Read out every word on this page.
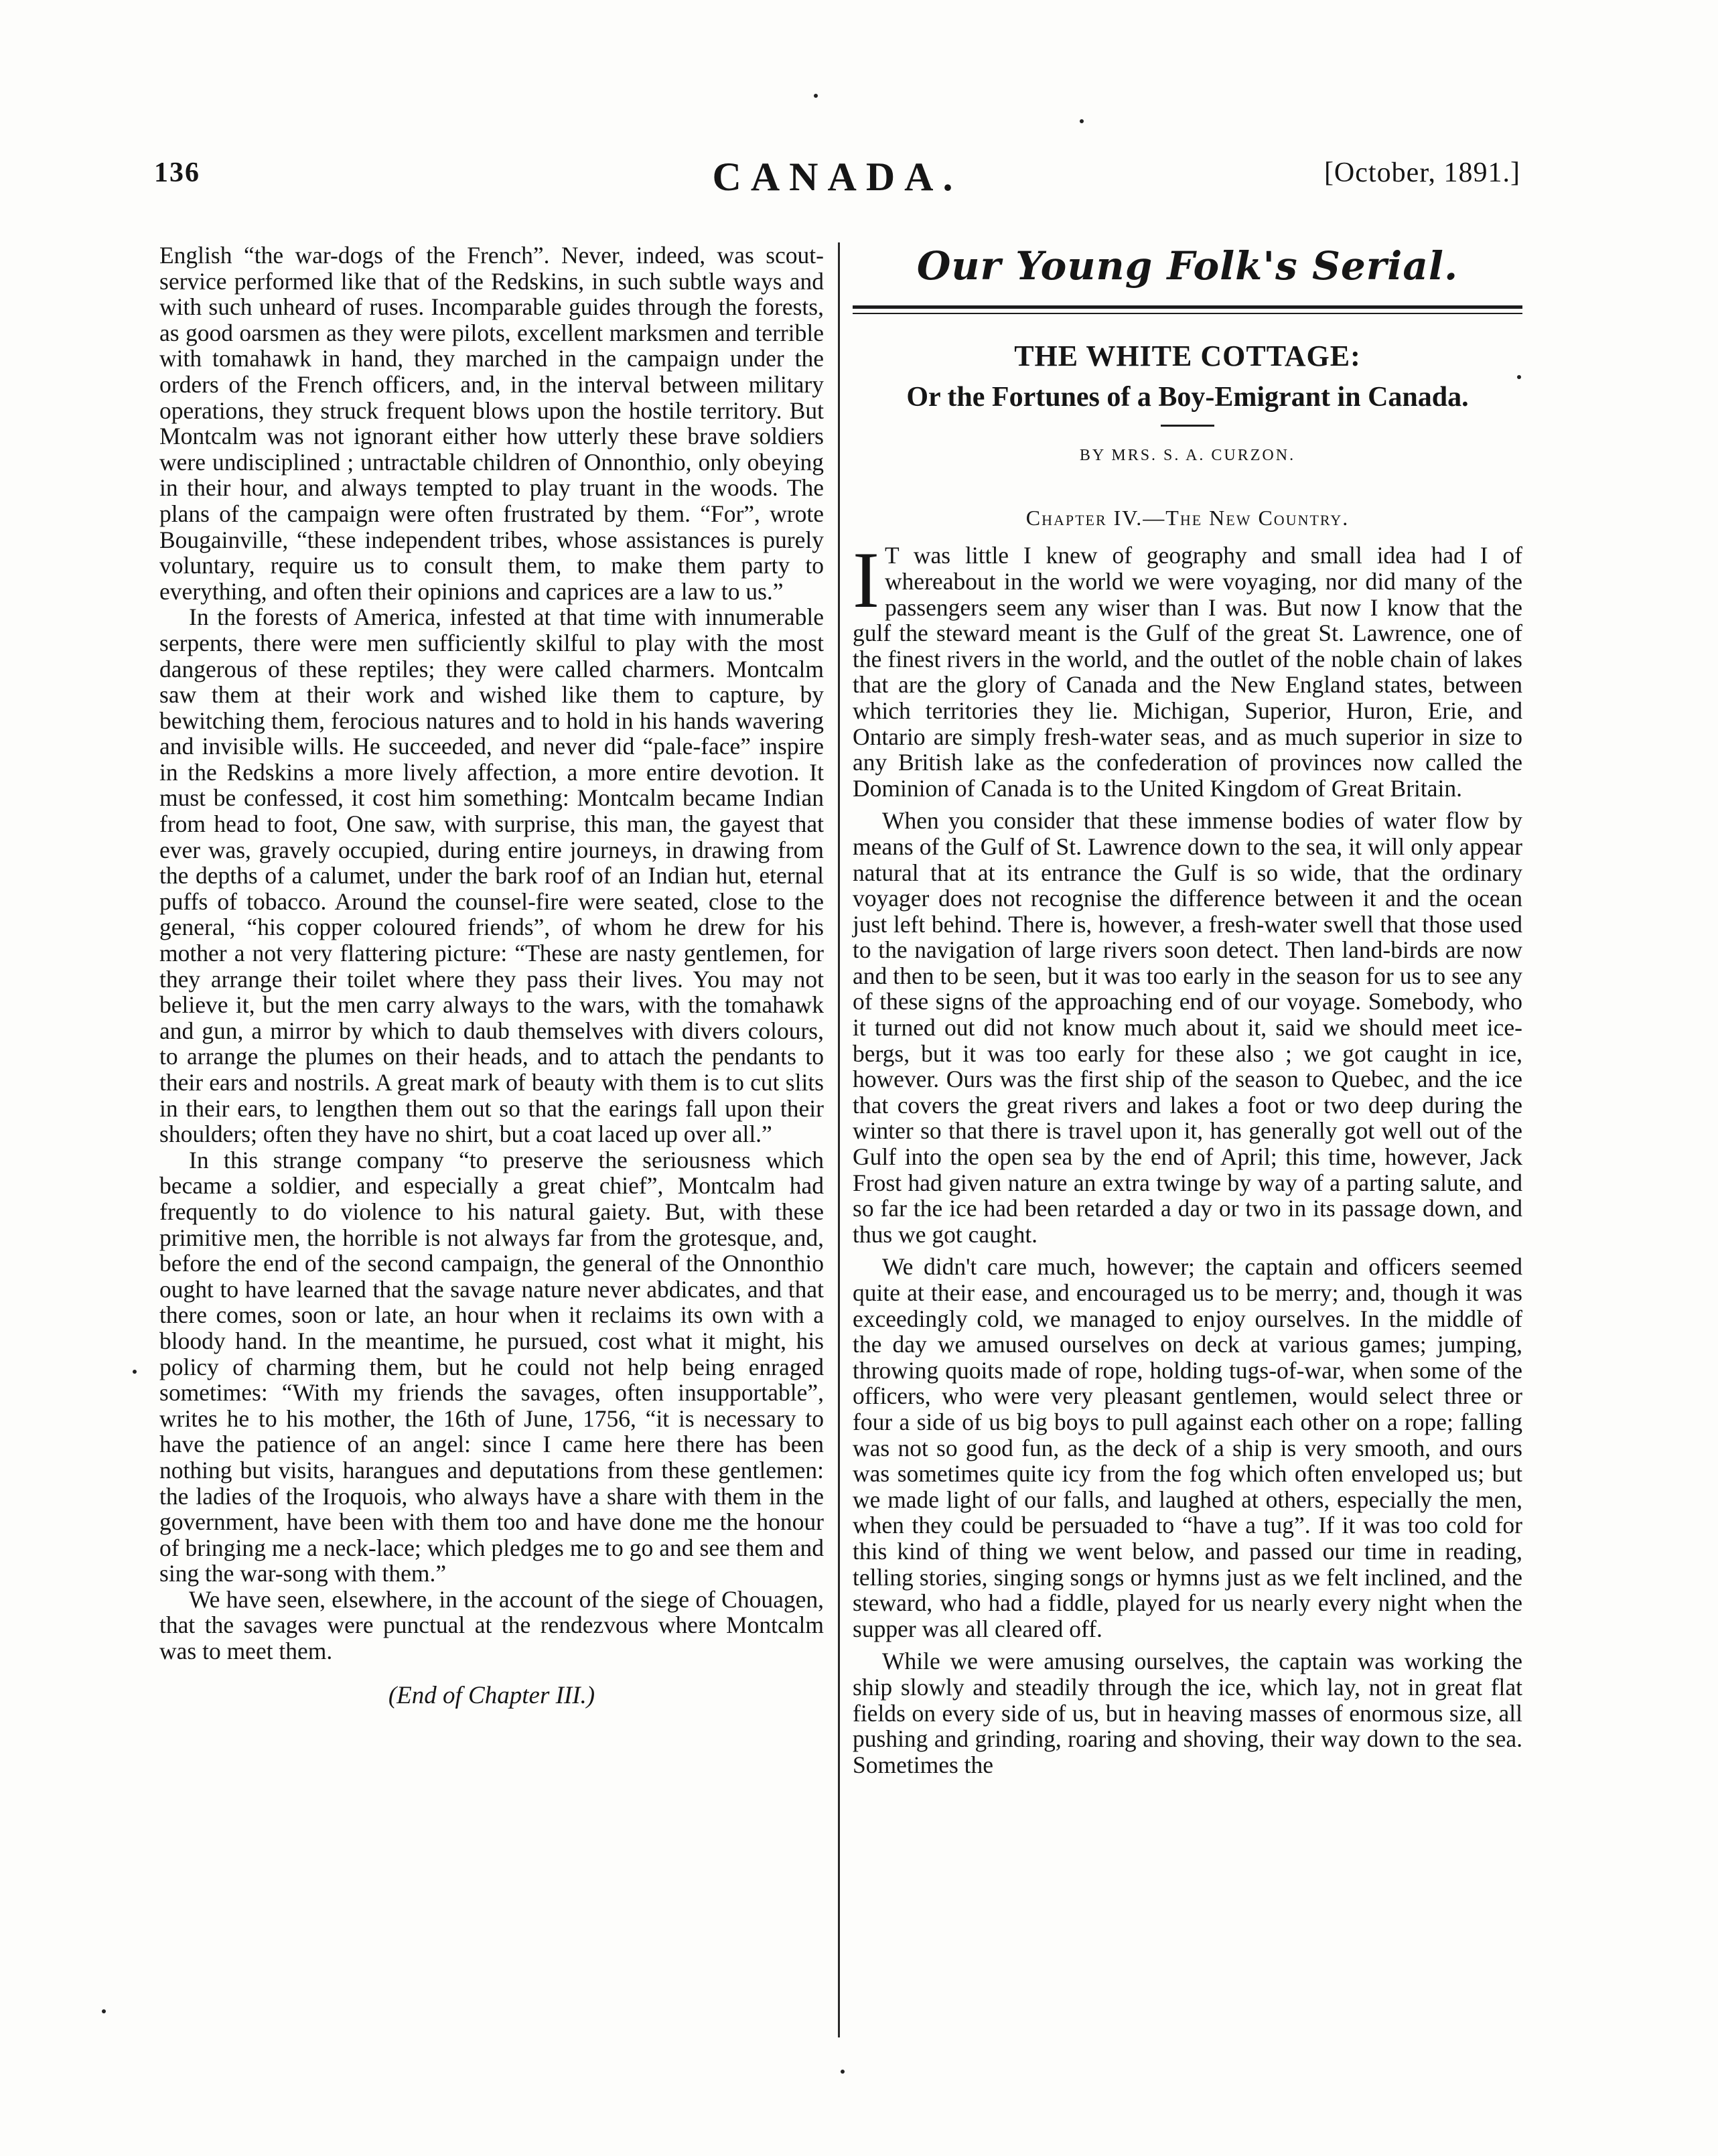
136	CANADA.	[October, 1891.]

English “the war-dogs of the French”. Never, indeed, was scout-service performed like that of the Redskins, in such subtle ways and with such unheard of ruses. Incomparable guides through the forests, as good oarsmen as they were pilots, excellent marksmen and terrible with tomahawk in hand, they marched in the campaign under the orders of the French officers, and, in the interval between military operations, they struck frequent blows upon the hostile territory. But Montcalm was not ignorant either how utterly these brave soldiers were undisciplined ; untractable children of Onnonthio, only obeying in their hour, and always tempted to play truant in the woods. The plans of the campaign were often frustrated by them. “For”, wrote Bougainville, “these independent tribes, whose assistances is purely voluntary, require us to consult them, to make them party to everything, and often their opinions and caprices are a law to us.”

In the forests of America, infested at that time with innumerable serpents, there were men sufficiently skilful to play with the most dangerous of these reptiles; they were called charmers. Montcalm saw them at their work and wished like them to capture, by bewitching them, ferocious natures and to hold in his hands wavering and invisible wills. He succeeded, and never did “pale-face” inspire in the Redskins a more lively affection, a more entire devotion. It must be confessed, it cost him something: Montcalm became Indian from head to foot, One saw, with surprise, this man, the gayest that ever was, gravely occupied, during entire journeys, in drawing from the depths of a calumet, under the bark roof of an Indian hut, eternal puffs of tobacco. Around the counsel-fire were seated, close to the general, “his copper coloured friends”, of whom he drew for his mother a not very flattering picture: “These are nasty gentlemen, for they arrange their toilet where they pass their lives. You may not believe it, but the men carry always to the wars, with the tomahawk and gun, a mirror by which to daub themselves with divers colours, to arrange the plumes on their heads, and to attach the pendants to their ears and nostrils. A great mark of beauty with them is to cut slits in their ears, to lengthen them out so that the earings fall upon their shoulders; often they have no shirt, but a coat laced up over all.”

In this strange company “to preserve the seriousness which became a soldier, and especially a great chief”, Montcalm had frequently to do violence to his natural gaiety. But, with these primitive men, the horrible is not always far from the grotesque, and, before the end of the second campaign, the general of the Onnonthio ought to have learned that the savage nature never abdicates, and that there comes, soon or late, an hour when it reclaims its own with a bloody hand. In the meantime, he pursued, cost what it might, his policy of charming them, but he could not help being enraged sometimes: “With my friends the savages, often insupportable”, writes he to his mother, the 16th of June, 1756, “it is necessary to have the patience of an angel: since I came here there has been nothing but visits, harangues and deputations from these gentlemen: the ladies of the Iroquois, who always have a share with them in the government, have been with them too and have done me the honour of bringing me a neck-lace; which pledges me to go and see them and sing the war-song with them.”

We have seen, elsewhere, in the account of the siege of Chouagen, that the savages were punctual at the rendezvous where Montcalm was to meet them.

(End of Chapter III.)
Our Young Folk's Serial.
THE WHITE COTTAGE:
Or the Fortunes of a Boy-Emigrant in Canada.
BY MRS. S. A. CURZON.
Chapter IV.—The New Country.

I T was little I knew of geography and small idea had I of whereabout in the world we were voyaging, nor did many of the passengers seem any wiser than I was. But now I know that the gulf the steward meant is the Gulf of the great St. Lawrence, one of the finest rivers in the world, and the outlet of the noble chain of lakes that are the glory of Canada and the New England states, between which territories they lie. Michigan, Superior, Huron, Erie, and Ontario are simply fresh-water seas, and as much superior in size to any British lake as the confederation of provinces now called the Dominion of Canada is to the United Kingdom of Great Britain.

When you consider that these immense bodies of water flow by means of the Gulf of St. Lawrence down to the sea, it will only appear natural that at its entrance the Gulf is so wide, that the ordinary voyager does not recognise the difference between it and the ocean just left behind. There is, however, a fresh-water swell that those used to the navigation of large rivers soon detect. Then land-birds are now and then to be seen, but it was too early in the season for us to see any of these signs of the approaching end of our voyage. Somebody, who it turned out did not know much about it, said we should meet ice-bergs, but it was too early for these also ; we got caught in ice, however. Ours was the first ship of the season to Quebec, and the ice that covers the great rivers and lakes a foot or two deep during the winter so that there is travel upon it, has generally got well out of the Gulf into the open sea by the end of April; this time, however, Jack Frost had given nature an extra twinge by way of a parting salute, and so far the ice had been retarded a day or two in its passage down, and thus we got caught.

We didn't care much, however; the captain and officers seemed quite at their ease, and encouraged us to be merry; and, though it was exceedingly cold, we managed to enjoy ourselves. In the middle of the day we amused ourselves on deck at various games; jumping, throwing quoits made of rope, holding tugs-of-war, when some of the officers, who were very pleasant gentlemen, would select three or four a side of us big boys to pull against each other on a rope; falling was not so good fun, as the deck of a ship is very smooth, and ours was sometimes quite icy from the fog which often enveloped us; but we made light of our falls, and laughed at others, especially the men, when they could be persuaded to “have a tug”. If it was too cold for this kind of thing we went below, and passed our time in reading, telling stories, singing songs or hymns just as we felt inclined, and the steward, who had a fiddle, played for us nearly every night when the supper was all cleared off.

While we were amusing ourselves, the captain was working the ship slowly and steadily through the ice, which lay, not in great flat fields on every side of us, but in heaving masses of enormous size, all pushing and grinding, roaring and shoving, their way down to the sea. Sometimes the
